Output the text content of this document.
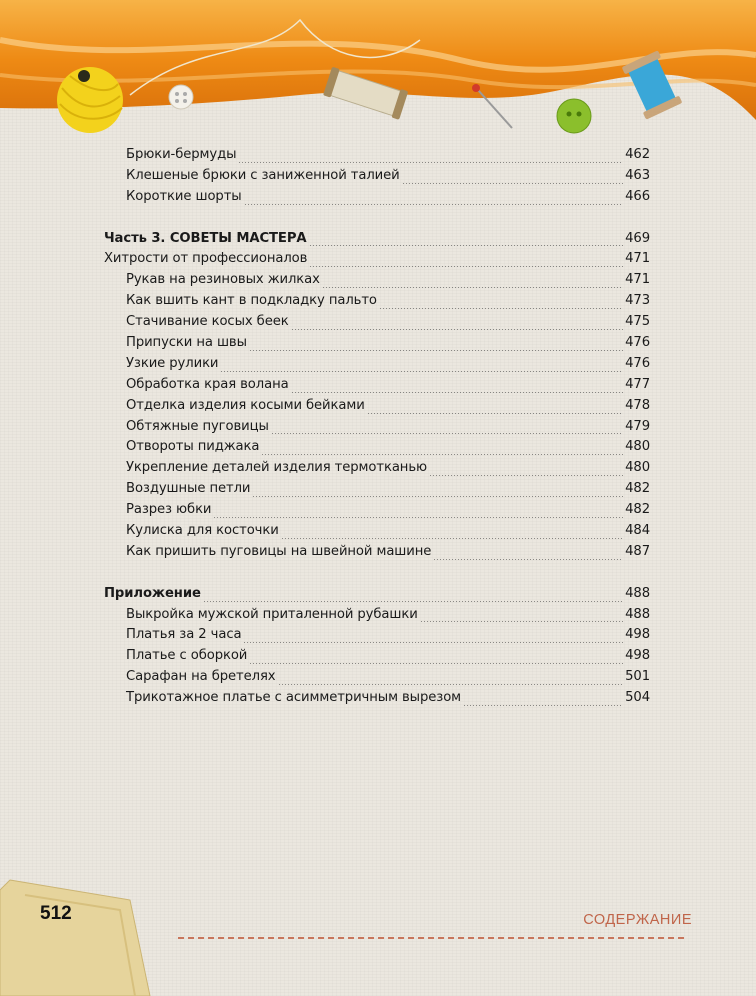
Брюки-бермуды	462
Клешеные брюки с заниженной талией	463
Короткие шорты	466
Часть 3. СОВЕТЫ МАСТЕРА	469
Хитрости от профессионалов	471
Рукав на резиновых жилках	471
Как вшить кант в подкладку пальто	473
Стачивание косых беек	475
Припуски на швы	476
Узкие рулики	476
Обработка края волана	477
Отделка изделия косыми бейками	478
Обтяжные пуговицы	479
Отвороты пиджака	480
Укрепление деталей изделия термотканью	480
Воздушные петли	482
Разрез юбки	482
Кулиска для косточки	484
Как пришить пуговицы на швейной машине	487
Приложение	488
Выкройка мужской приталенной рубашки	488
Платья за 2 часа	498
Платье с оборкой	498
Сарафан на бретелях	501
Трикотажное платье с асимметричным вырезом	504
512	СОДЕРЖАНИЕ
